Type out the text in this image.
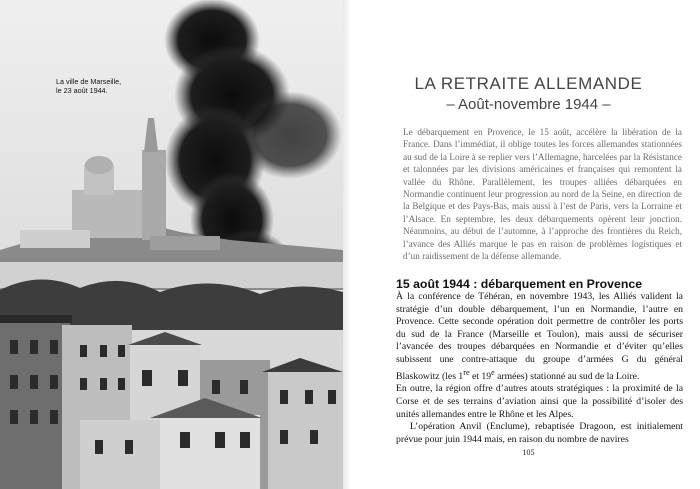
La ville de Marseille,
le 23 août 1944.	LA RETRAITE ALLEMANDE
– Août-novembre 1944 –

Le débarquement en Provence, le 15 août, accélère la libération de la France. Dans l’immédiat, il oblige toutes les forces allemandes stationnées au sud de la Loire à se replier vers l’Allemagne, harcelées par la Résistance et talonnées par les divisions américaines et françaises qui remontent la vallée du Rhône. Parallèlement, les troupes alliées débarquées en Normandie continuent leur progression au nord de la Seine, en direction de la Belgique et des Pays-Bas, mais aussi à l’est de Paris, vers la Lorraine et l’Alsace. En septembre, les deux débarquements opèrent leur jonction. Néanmoins, au début de l’automne, à l’approche des frontières du Reich, l’avance des Alliés marque le pas en raison de problèmes logistiques et d’un raidissement de la défense allemande.

15 août 1944 : débarquement en Provence

À la conférence de Téhéran, en novembre 1943, les Alliés valident la stratégie d’un double débarquement, l’un en Normandie, l’autre en Provence. Cette seconde opération doit permettre de contrôler les ports du sud de la France (Marseille et Toulon), mais aussi de sécuriser l’avancée des troupes débarquées en Normandie et d’éviter qu’elles subissent une contre-attaque du groupe d’armées G du général Blaskowitz (les 1re et 19e armées) stationné au sud de la Loire.

En outre, la région offre d’autres atouts stratégiques : la proximité de la Corse et de ses terrains d’aviation ainsi que la possibilité d’isoler des unités allemandes entre le Rhône et les Alpes.

L’opération Anvil (Enclume), rebaptisée Dragoon, est initialement prévue pour juin 1944 mais, en raison du nombre de navires

105
